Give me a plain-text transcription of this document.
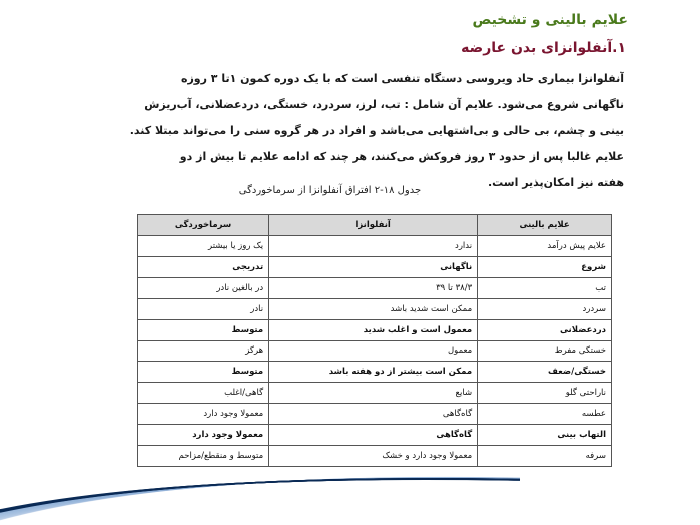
علایم بالینی و تشخیص
۱.آنفلوانزای بدن عارضه
آنفلوانزا بیماری حاد ویروسی دستگاه تنفسی است که با یک دوره کمون ۱تا ۳ روزه
ناگهانی شروع می‌شود. علایم آن شامل : تب، لرز، سردرد، خستگی، دردعضلانی، آب‌ریزش
بینی و چشم، بی حالی و بی‌اشتهایی می‌باشد و افراد در هر گروه سنی را می‌تواند مبتلا کند.
علایم غالبا پس از حدود ۳ روز فروکش می‌کنند، هر چند که ادامه علایم تا بیش از دو
هفته نیز امکان‌پذیر است.
جدول ۱۸-۲ افتراق آنفلوانزا از سرماخوردگی
علایم بالینی	آنفلوانزا	سرماخوردگی
علایم پیش درآمد	ندارد	یک روز یا بیشتر
شروع	ناگهانی	تدریجی
تب	۳۸/۳ تا ۳۹	در بالغین نادر
سردرد	ممکن است شدید باشد	نادر
دردعضلانی	معمول است و اغلب شدید	متوسط
خستگی مفرط	معمول	هرگز
خستگی/ضعف	ممکن است بیشتر از دو هفته باشد	متوسط
ناراحتی گلو	شایع	گاهی/اغلب
عطسه	گاه‌گاهی	معمولا وجود دارد
التهاب بینی	گاه‌گاهی	معمولا وجود دارد
سرفه	معمولا وجود دارد و خشک	متوسط و منقطع/مزاحم
